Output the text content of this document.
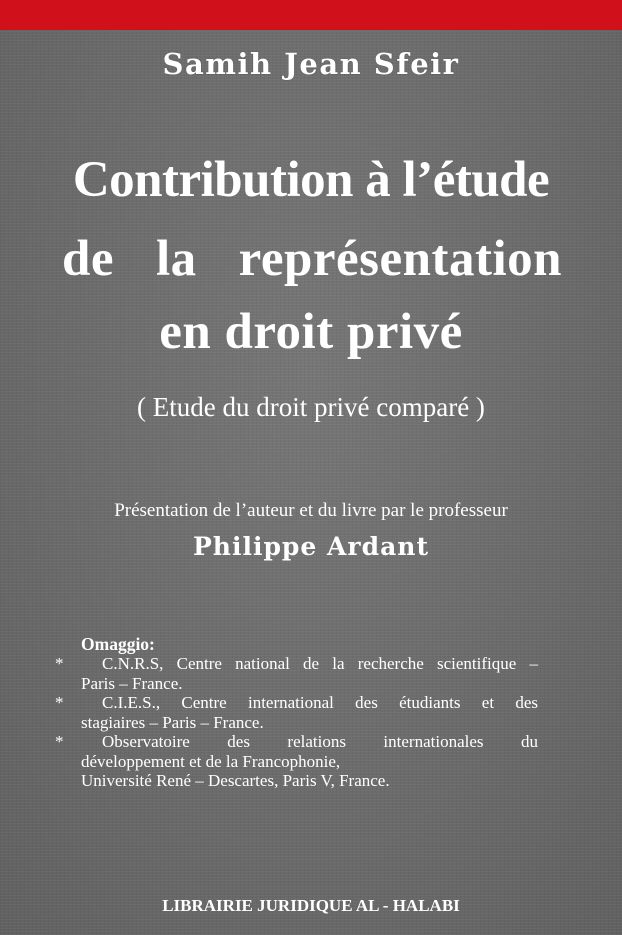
Samih Jean Sfeir
Contribution à l’étude
de la représentation
en droit privé
( Etude du droit privé comparé )
Présentation de l’auteur et du livre par le professeur
Philippe Ardant
Omaggio:
*	C.N.R.S, Centre national de la recherche scientifique –
Paris – France.
*	C.I.E.S., Centre international des étudiants et des
stagiaires – Paris – France.
*	Observatoire des relations internationales du
développement et de la Francophonie,
Université René – Descartes, Paris V, France.
LIBRAIRIE JURIDIQUE AL - HALABI
